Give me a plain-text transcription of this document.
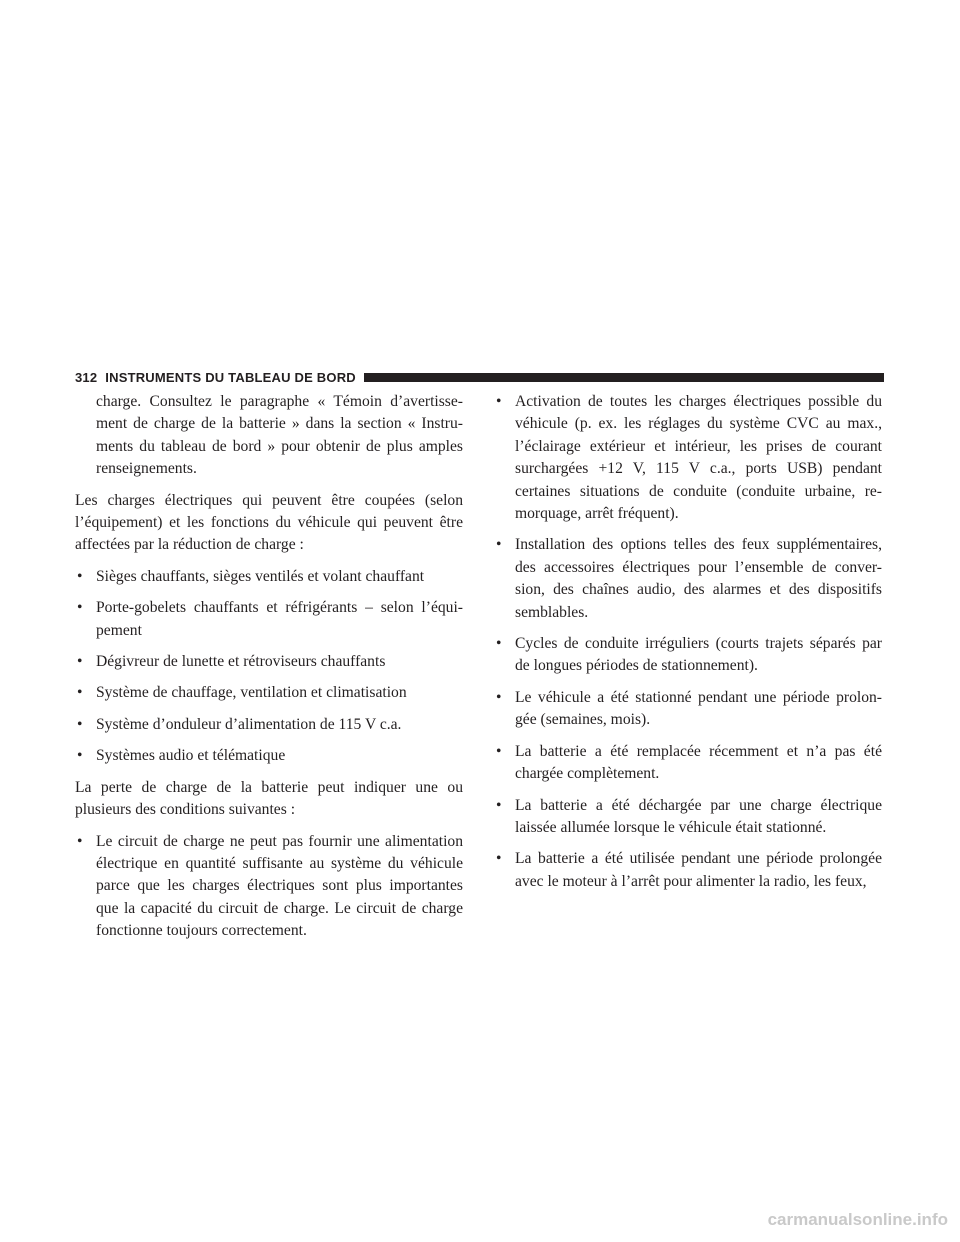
312 INSTRUMENTS DU TABLEAU DE BORD

charge. Consultez le paragraphe « Témoin d’avertisse-ment de charge de la batterie » dans la section « Instru-ments du tableau de bord » pour obtenir de plus amples renseignements.

Les charges électriques qui peuvent être coupées (selon l’équipement) et les fonctions du véhicule qui peuvent être affectées par la réduction de charge :

• Sièges chauffants, sièges ventilés et volant chauffant
• Porte-gobelets chauffants et réfrigérants – selon l’équi-pement
• Dégivreur de lunette et rétroviseurs chauffants
• Système de chauffage, ventilation et climatisation
• Système d’onduleur d’alimentation de 115 V c.a.
• Systèmes audio et télématique

La perte de charge de la batterie peut indiquer une ou plusieurs des conditions suivantes :

• Le circuit de charge ne peut pas fournir une alimentation électrique en quantité suffisante au système du véhicule parce que les charges électriques sont plus importantes que la capacité du circuit de charge. Le circuit de charge fonctionne toujours correctement.
• Activation de toutes les charges électriques possible du véhicule (p. ex. les réglages du système CVC au max., l’éclairage extérieur et intérieur, les prises de courant surchargées +12 V, 115 V c.a., ports USB) pendant certaines situations de conduite (conduite urbaine, re-morquage, arrêt fréquent).
• Installation des options telles des feux supplémentaires, des accessoires électriques pour l’ensemble de conver-sion, des chaînes audio, des alarmes et des dispositifs semblables.
• Cycles de conduite irréguliers (courts trajets séparés par de longues périodes de stationnement).
• Le véhicule a été stationné pendant une période prolon-gée (semaines, mois).
• La batterie a été remplacée récemment et n’a pas été chargée complètement.
• La batterie a été déchargée par une charge électrique laissée allumée lorsque le véhicule était stationné.
• La batterie a été utilisée pendant une période prolongée avec le moteur à l’arrêt pour alimenter la radio, les feux,
carmanualsonline.info
